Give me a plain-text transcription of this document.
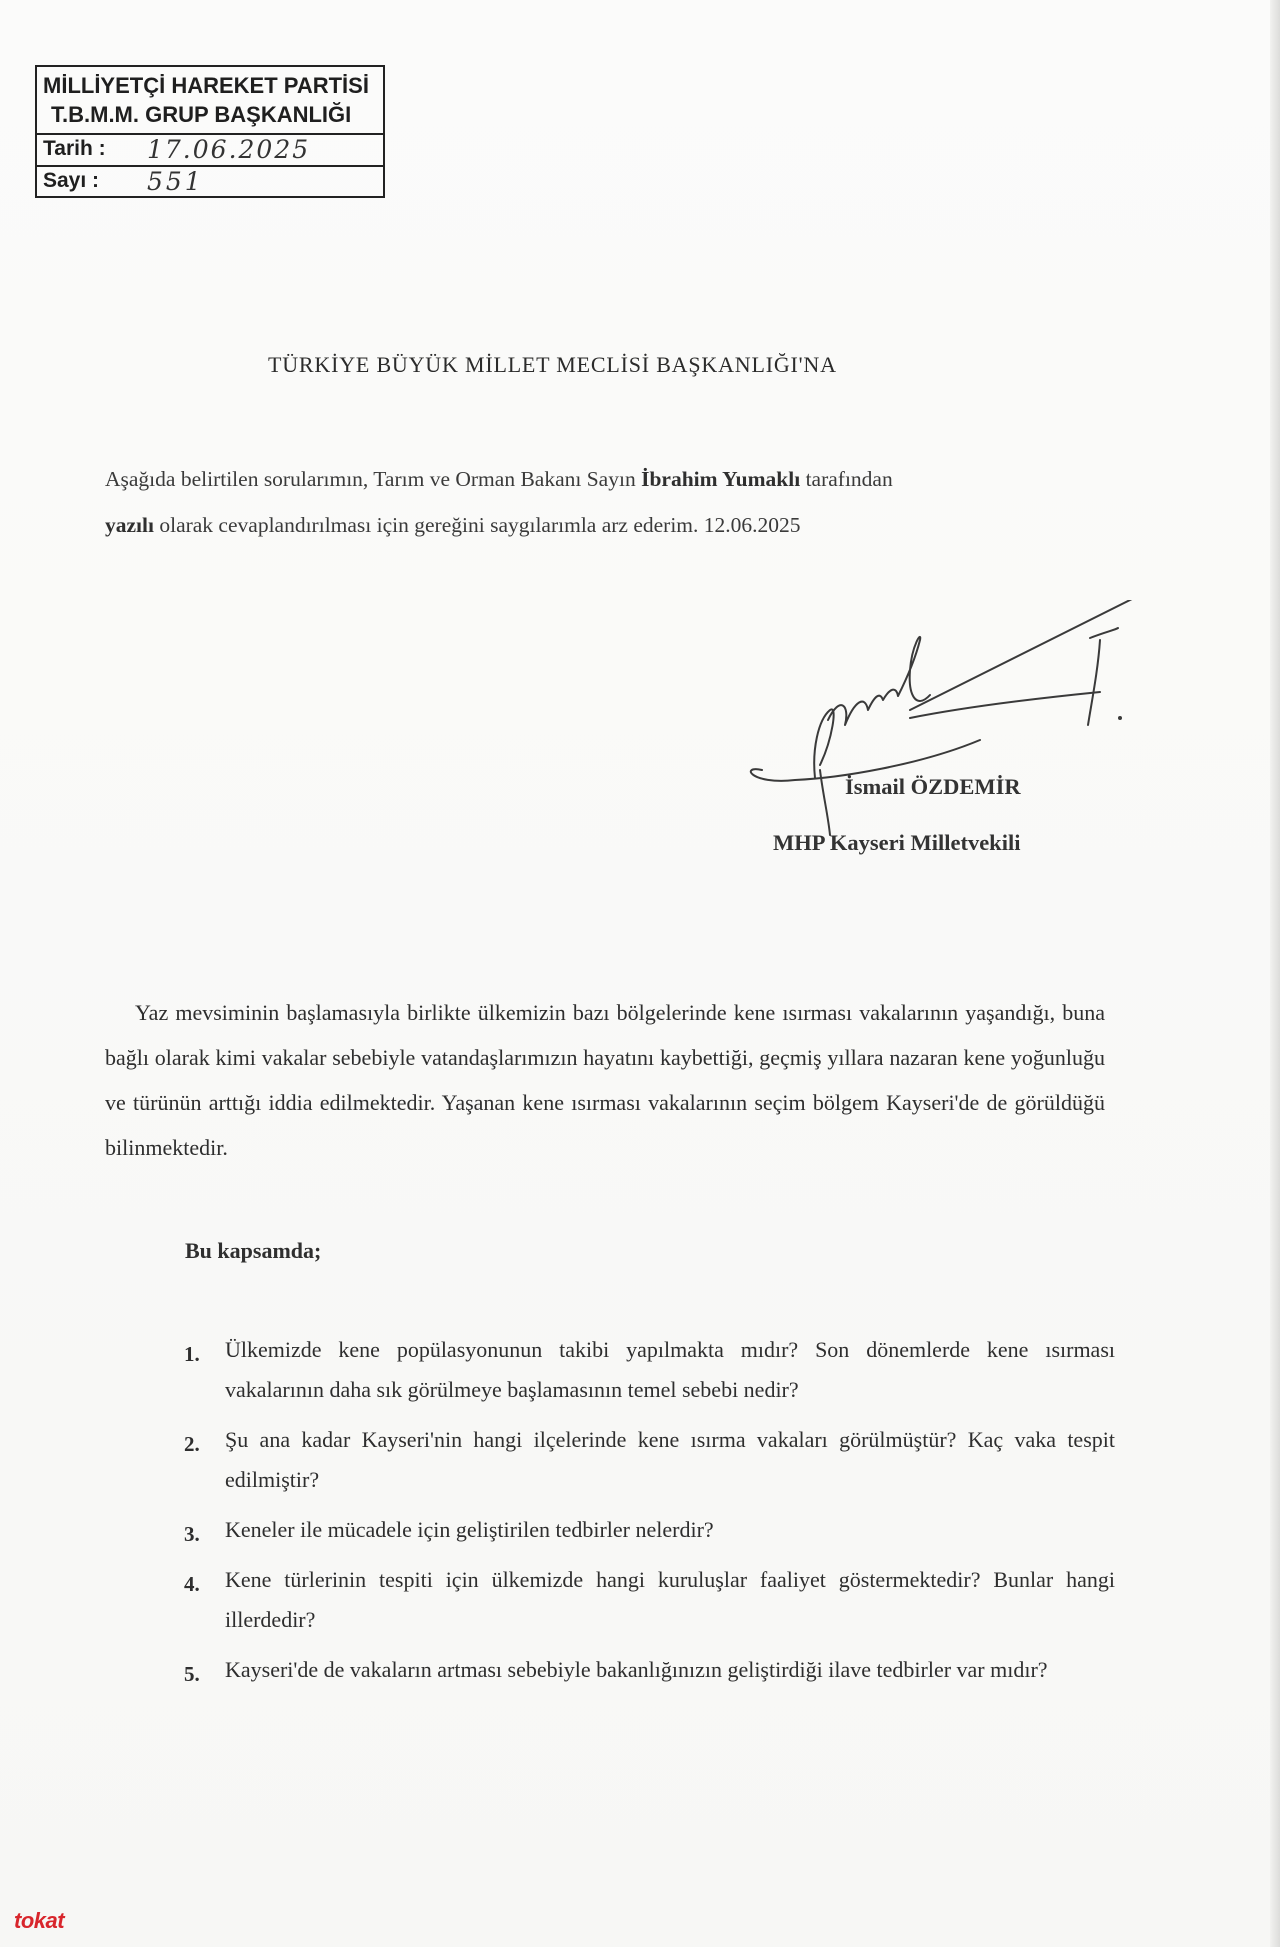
MİLLİYETÇİ HAREKET PARTİSİ
T.B.M.M. GRUP BAŞKANLIĞI
Tarih : 17.06.2025
Sayı : 551
TÜRKİYE BÜYÜK MİLLET MECLİSİ BAŞKANLIĞI'NA
Aşağıda belirtilen sorularımın, Tarım ve Orman Bakanı Sayın İbrahim Yumaklı tarafından
yazılı olarak cevaplandırılması için gereğini saygılarımla arz ederim. 12.06.2025
İsmail ÖZDEMİR
MHP Kayseri Milletvekili
Yaz mevsiminin başlamasıyla birlikte ülkemizin bazı bölgelerinde kene ısırması vakalarının yaşandığı, buna bağlı olarak kimi vakalar sebebiyle vatandaşlarımızın hayatını kaybettiği, geçmiş yıllara nazaran kene yoğunluğu ve türünün arttığı iddia edilmektedir. Yaşanan kene ısırması vakalarının seçim bölgem Kayseri'de de görüldüğü bilinmektedir.
Bu kapsamda;
1. Ülkemizde kene popülasyonunun takibi yapılmakta mıdır? Son dönemlerde kene ısırması vakalarının daha sık görülmeye başlamasının temel sebebi nedir?
2. Şu ana kadar Kayseri'nin hangi ilçelerinde kene ısırma vakaları görülmüştür? Kaç vaka tespit edilmiştir?
3. Keneler ile mücadele için geliştirilen tedbirler nelerdir?
4. Kene türlerinin tespiti için ülkemizde hangi kuruluşlar faaliyet göstermektedir? Bunlar hangi illerdedir?
5. Kayseri'de de vakaların artması sebebiyle bakanlığınızın geliştirdiği ilave tedbirler var mıdır?
tokat
